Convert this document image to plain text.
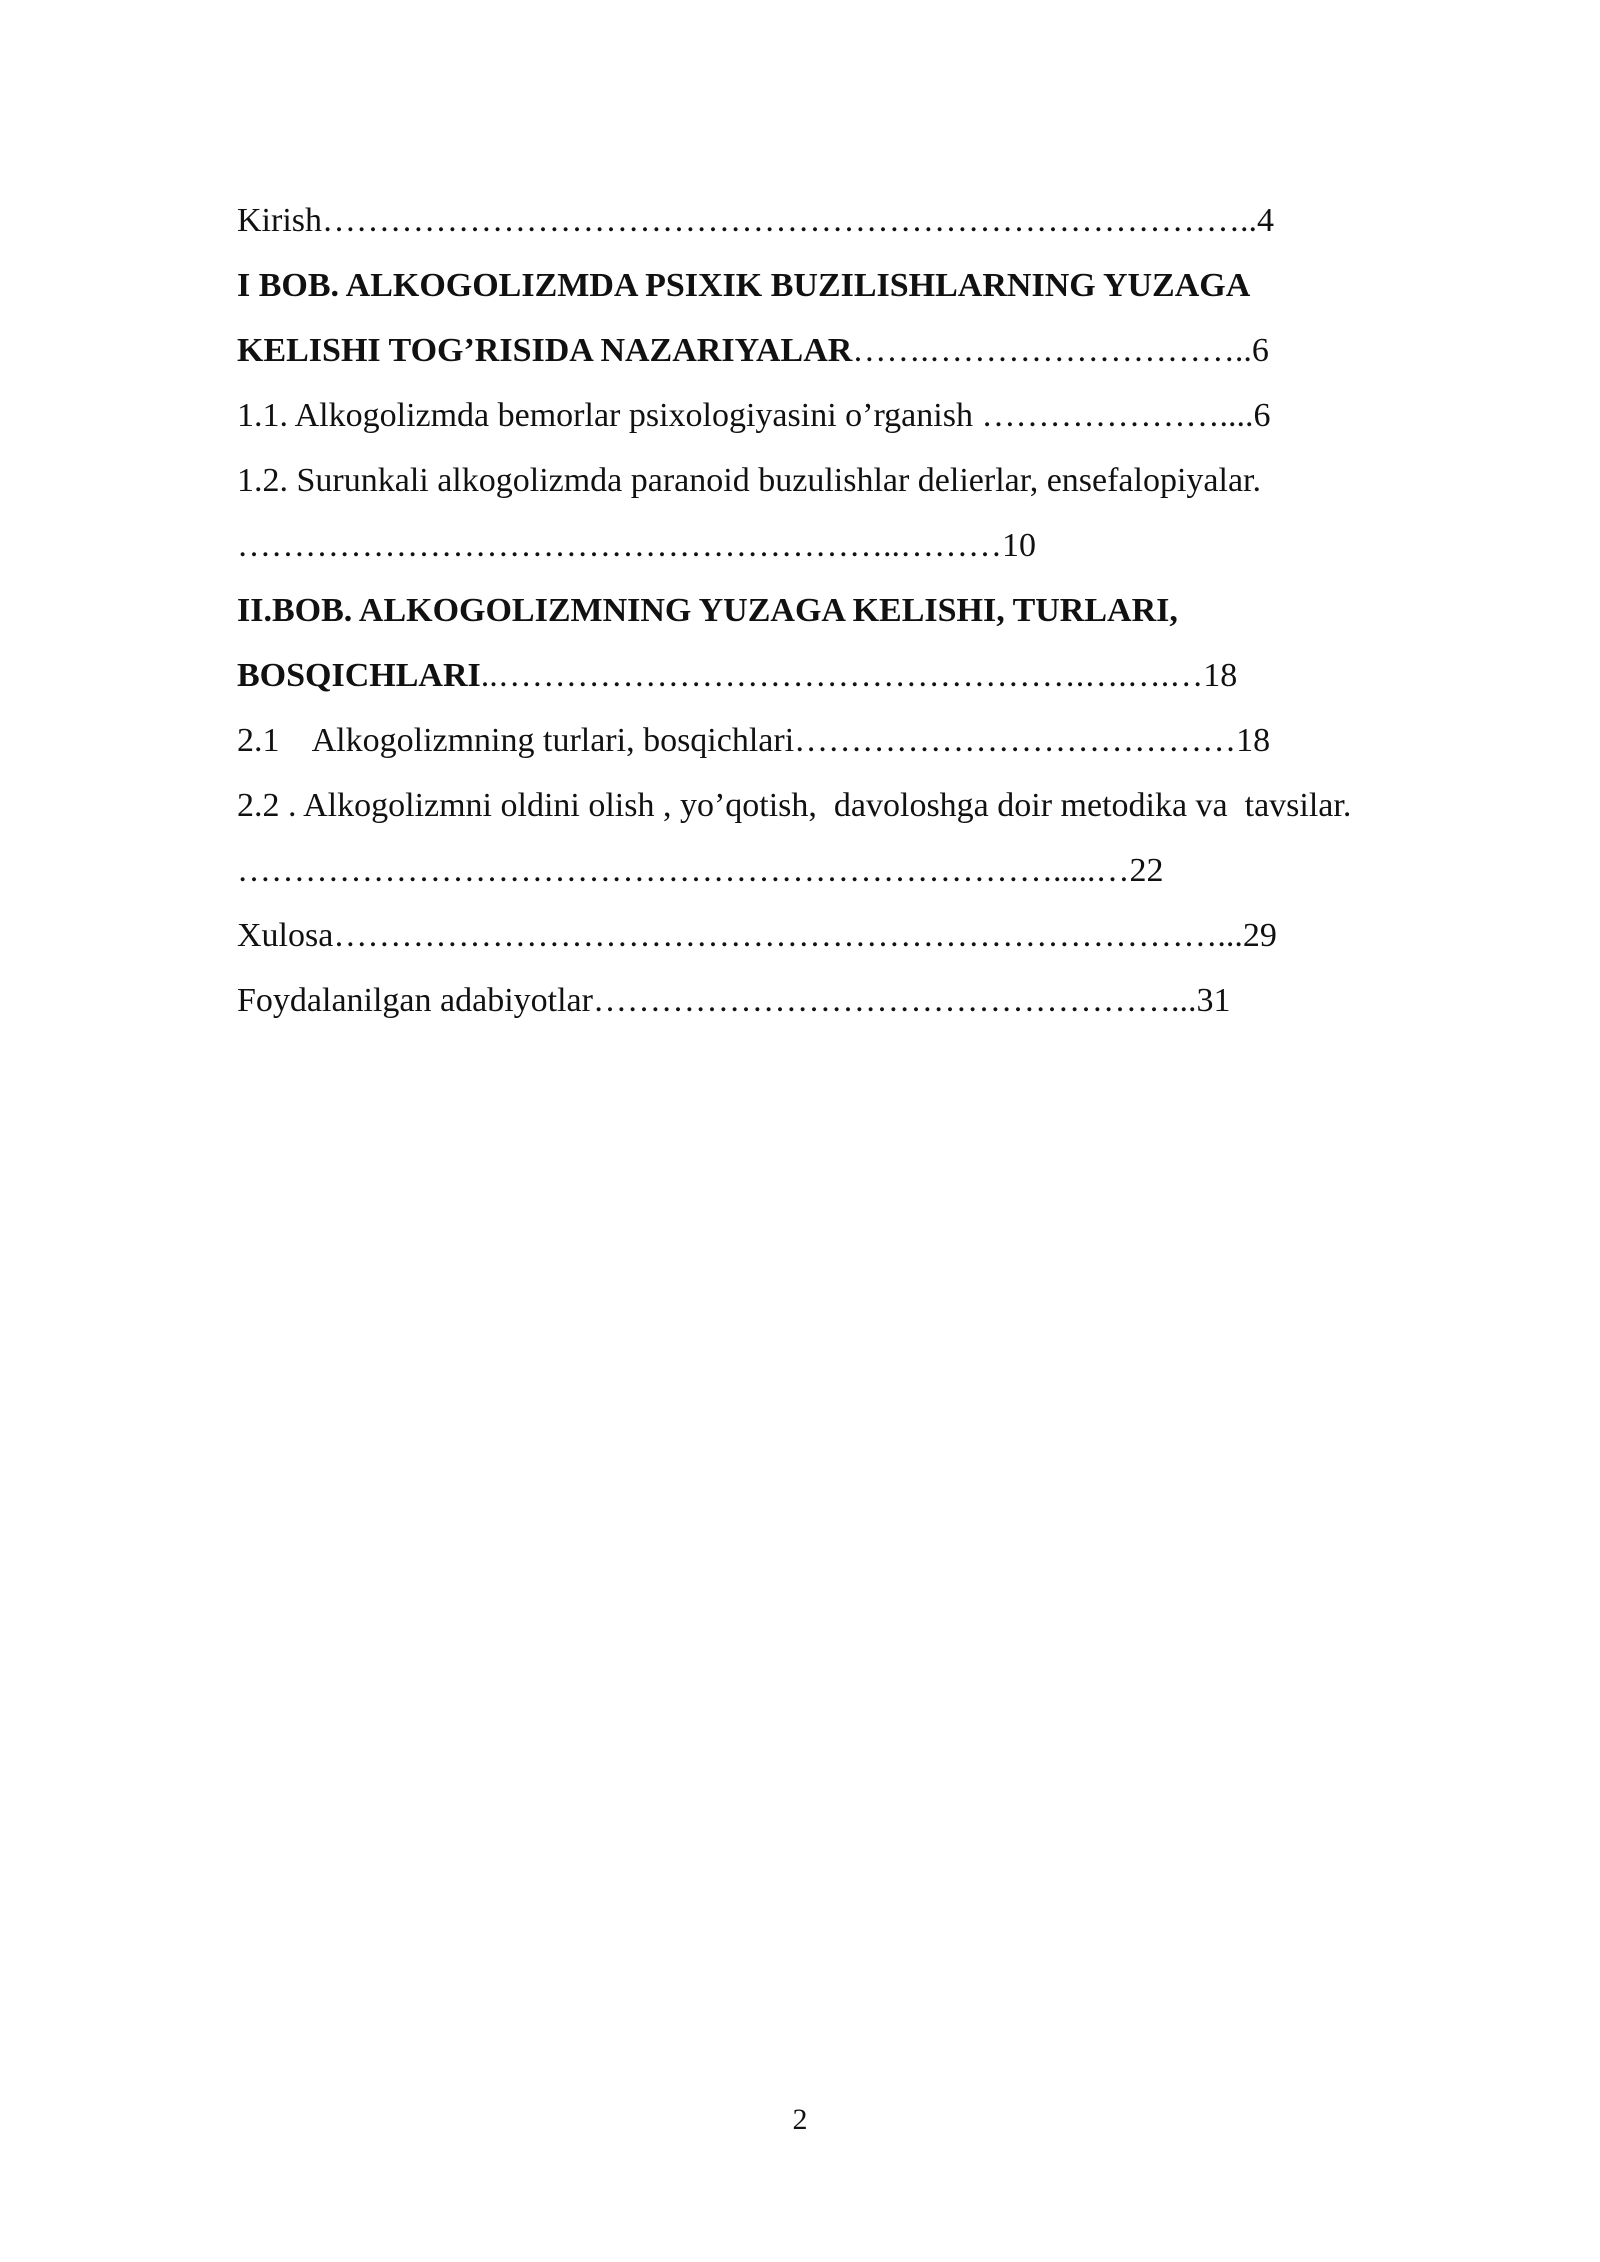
Kirish………………………………………………………………………..4
I BOB. ALKOGOLIZMDA PSIXIK BUZILISHLARNING YUZAGA
KELISHI TOG’RISIDA NAZARIYALAR…….………………………..6
1.1. Alkogolizmda bemorlar psixologiyasini o’rganish …………………....6
1.2. Surunkali alkogolizmda paranoid buzulishlar delierlar, ensefalopiyalar.
…………………………………………………..………10
II.BOB. ALKOGOLIZMNING YUZAGA KELISHI, TURLARI,
BOSQICHLARI..…………………………………………….….….…18
2.1    Alkogolizmning turlari, bosqichlari…………………………………18
2.2 . Alkogolizmni oldini olish , yo’qotish,  davoloshga doir metodika va  tavsilar.
……………………………………………………………….....…22
Xulosa……………………………………………………………………...29
Foydalanilgan adabiyotlar……………………………………………...31
2
